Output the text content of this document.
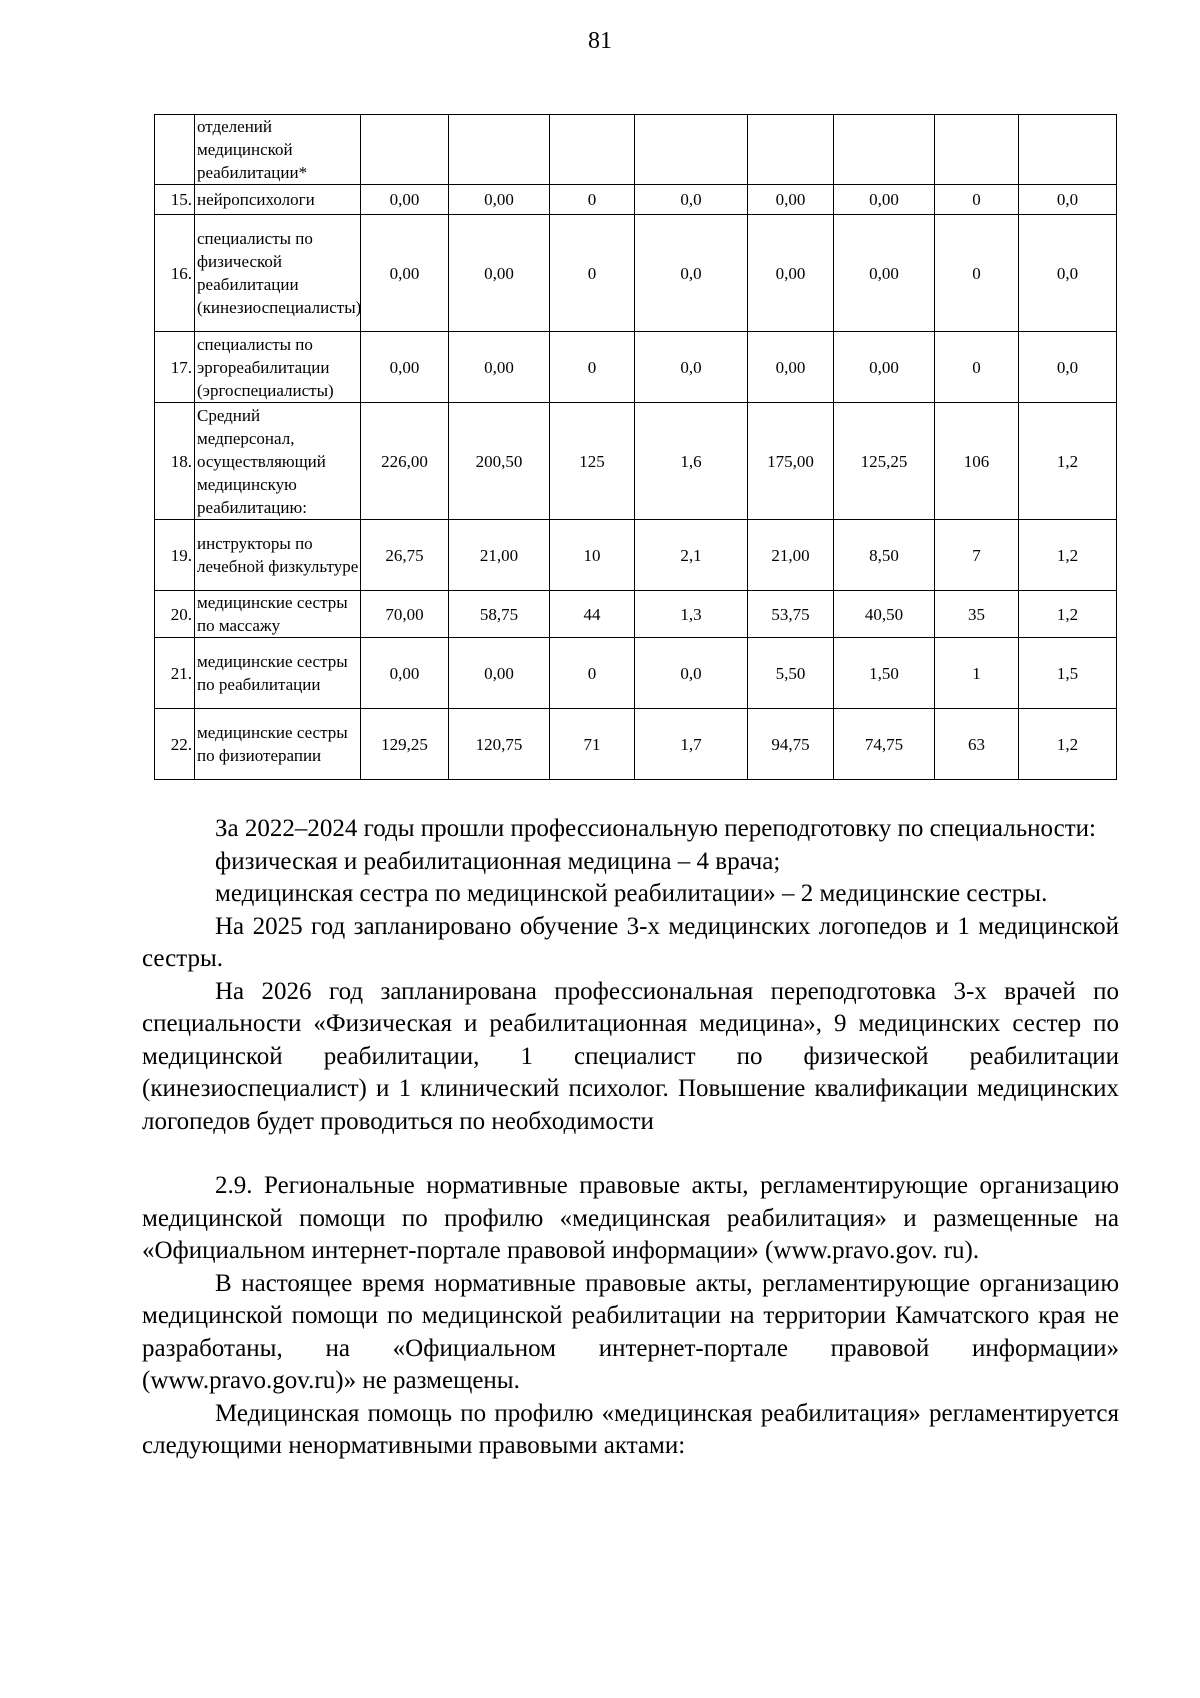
81
	отделений медицинской реабилитации*								
15.	нейропсихологи	0,00	0,00	0	0,0	0,00	0,00	0	0,0
16.	специалисты по физической реабилитации (кинезиоспециалисты)	0,00	0,00	0	0,0	0,00	0,00	0	0,0
17.	специалисты по эргореабилитации (эргоспециалисты)	0,00	0,00	0	0,0	0,00	0,00	0	0,0
18.	Средний медперсонал, осуществляющий медицинскую реабилитацию:	226,00	200,50	125	1,6	175,00	125,25	106	1,2
19.	инструкторы по лечебной физкультуре	26,75	21,00	10	2,1	21,00	8,50	7	1,2
20.	медицинские сестры по массажу	70,00	58,75	44	1,3	53,75	40,50	35	1,2
21.	медицинские сестры по реабилитации	0,00	0,00	0	0,0	5,50	1,50	1	1,5
22.	медицинские сестры по физиотерапии	129,25	120,75	71	1,7	94,75	74,75	63	1,2

За 2022–2024 годы прошли профессиональную переподготовку по специальности:

физическая и реабилитационная медицина – 4 врача;

медицинская сестра по медицинской реабилитации» – 2 медицинские сестры.

На 2025 год запланировано обучение 3-х медицинских логопедов и 1 медицинской сестры.

На 2026 год запланирована профессиональная переподготовка 3-х врачей по специальности «Физическая и реабилитационная медицина», 9 медицинских сестер по медицинской реабилитации, 1 специалист по физической реабилитации (кинезиоспециалист) и 1 клинический психолог. Повышение квалификации медицинских логопедов будет проводиться по необходимости

2.9. Региональные нормативные правовые акты, регламентирующие организацию медицинской помощи по профилю «медицинская реабилитация» и размещенные на «Официальном интернет-портале правовой информации» (www.pravo.gov. ru).

В настоящее время нормативные правовые акты, регламентирующие организацию медицинской помощи по медицинской реабилитации на территории Камчатского края не разработаны, на «Официальном интернет-портале правовой информации» (www.pravo.gov.ru)» не размещены.

Медицинская помощь по профилю «медицинская реабилитация» регламентируется следующими ненормативными правовыми актами:
